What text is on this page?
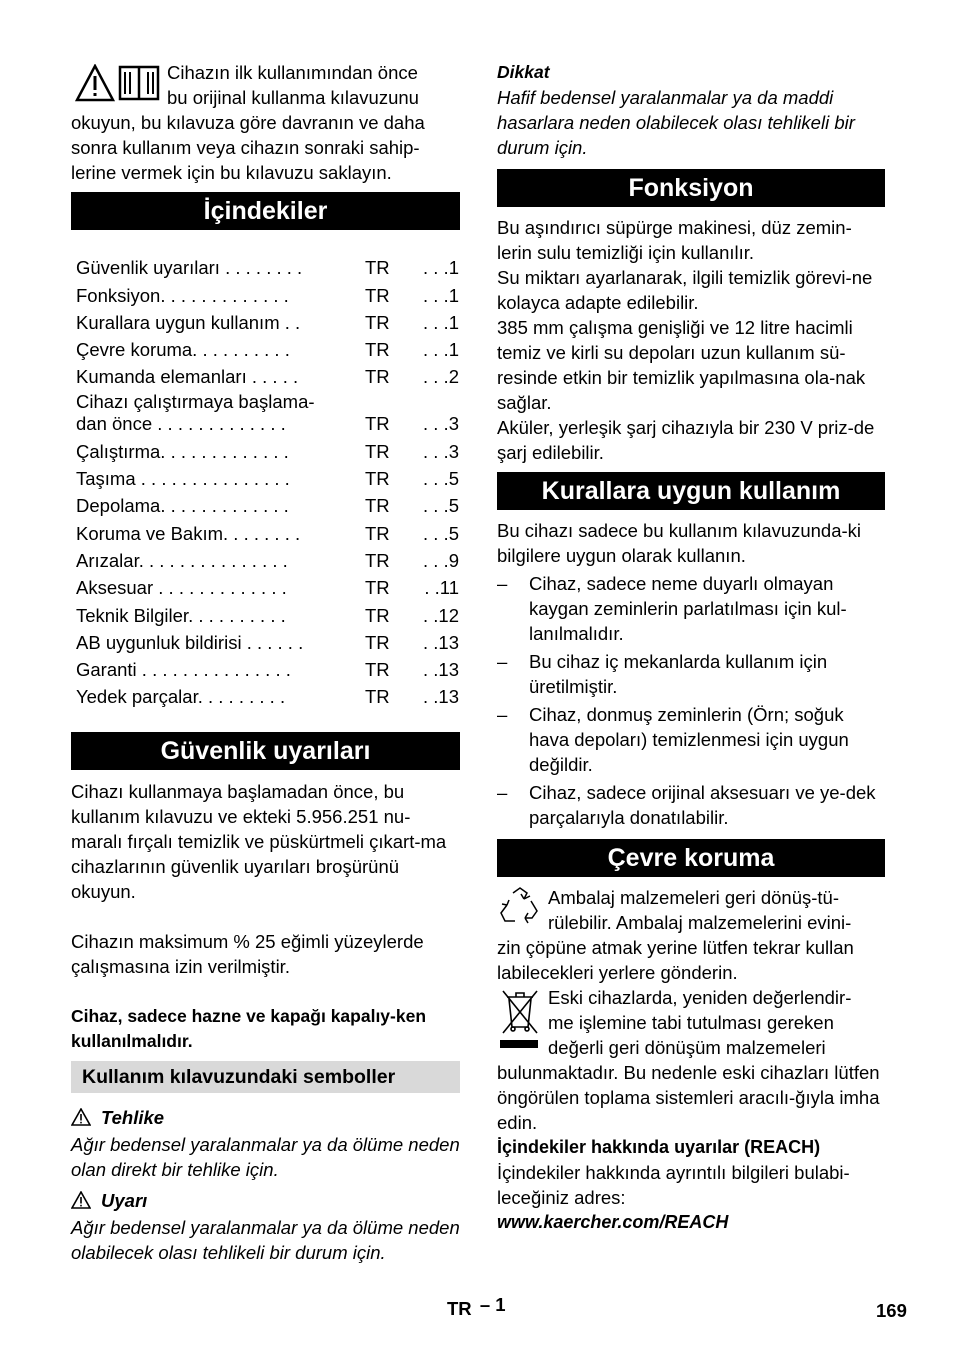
Cihazın ilk kullanımından önce

bu orijinal kullanma kılavuzunu

okuyun, bu kılavuza göre davranın ve daha sonra kullanım veya cihazın sonraki sahip-lerine vermek için bu kılavuzu saklayın.

İçindekiler
Güvenlik uyarıları . . . . . . . .	TR	. . .1
Fonksiyon. . . . . . . . . . . . .	TR	. . .1
Kurallara uygun kullanım . .	TR	. . .1
Çevre koruma. . . . . . . . . .	TR	. . .1
Kumanda elemanları . . . . .	TR	. . .2
Cihazı çalıştırmaya başlama-
dan önce . . . . . . . . . . . . .	TR	. . .3
Çalıştırma. . . . . . . . . . . . .	TR	. . .3
Taşıma . . . . . . . . . . . . . . .	TR	. . .5
Depolama. . . . . . . . . . . . .	TR	. . .5
Koruma ve Bakım. . . . . . . .	TR	. . .5
Arızalar. . . . . . . . . . . . . . .	TR	. . .9
Aksesuar . . . . . . . . . . . . .	TR	. .11
Teknik Bilgiler. . . . . . . . . .	TR	. .12
AB uygunluk bildirisi . . . . . .	TR	. .13
Garanti . . . . . . . . . . . . . . .	TR	. .13
Yedek parçalar. . . . . . . . .	TR	. .13
Güvenlik uyarıları

Cihazı kullanmaya başlamadan önce, bu kullanım kılavuzu ve ekteki 5.956.251 nu-maralı fırçalı temizlik ve püskürtmeli çıkart-ma cihazlarının güvenlik uyarıları broşürünü okuyun.

Cihazın maksimum % 25 eğimli yüzeylerde çalışmasına izin verilmiştir.

Cihaz, sadece hazne ve kapağı kapalıy-ken kullanılmalıdır.

Kullanım kılavuzundaki semboller
Tehlike

Ağır bedensel yaralanmalar ya da ölüme neden olan direkt bir tehlike için.

Uyarı

Ağır bedensel yaralanmalar ya da ölüme neden olabilecek olası tehlikeli bir durum için.

Dikkat

Hafif bedensel yaralanmalar ya da maddi hasarlara neden olabilecek olası tehlikeli bir durum için.

Fonksiyon

Bu aşındırıcı süpürge makinesi, düz zemin-lerin sulu temizliği için kullanılır.

Su miktarı ayarlanarak, ilgili temizlik görevi-ne kolayca adapte edilebilir.

385 mm çalışma genişliği ve 12 litre hacimli temiz ve kirli su depoları uzun kullanım sü-resinde etkin bir temizlik yapılmasına ola-nak sağlar.

Aküler, yerleşik şarj cihazıyla bir 230 V priz-de şarj edilebilir.

Kurallara uygun kullanım

Bu cihazı sadece bu kullanım kılavuzunda-ki bilgilere uygun olarak kullanın.

– Cihaz, sadece neme duyarlı olmayan kaygan zeminlerin parlatılması için kul-lanılmalıdır.
– Bu cihaz iç mekanlarda kullanım için üretilmiştir.
– Cihaz, donmuş zeminlerin (Örn; soğuk hava depoları) temizlenmesi için uygun değildir.
– Cihaz, sadece orijinal aksesuarı ve ye-dek parçalarıyla donatılabilir.
Çevre koruma

Ambalaj malzemeleri geri dönüş-tü-

rülebilir. Ambalaj malzemelerini evini-

zin çöpüne atmak yerine lütfen tekrar kullan labilecekleri yerlere gönderin.

Eski cihazlarda, yeniden değerlendir-

me işlemine tabi tutulması gereken

değerli geri dönüşüm malzemeleri

bulunmaktadır. Bu nedenle eski cihazları lütfen öngörülen toplama sistemleri aracılı-ğıyla imha edin.

İçindekiler hakkında uyarılar (REACH)

İçindekiler hakkında ayrıntılı bilgileri bulabi-leceğiniz adres:

www.kaercher.com/REACH

TR – 1	169
